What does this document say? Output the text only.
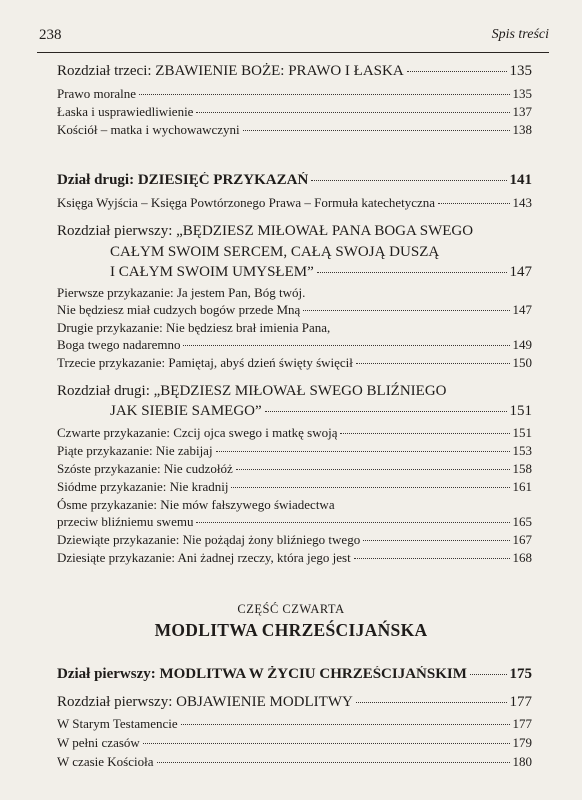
238	Spis treści
Rozdział trzeci: ZBAWIENIE BOŻE: PRAWO I ŁASKA	135
Prawo moralne	135
Łaska i usprawiedliwienie	137
Kościół – matka i wychowawczyni	138
Dział drugi: DZIESIĘĆ PRZYKAZAŃ	141
Księga Wyjścia – Księga Powtórzonego Prawa – Formuła katechetyczna	143
Rozdział pierwszy: „BĘDZIESZ MIŁOWAŁ PANA BOGA SWEGO
CAŁYM SWOIM SERCEM, CAŁĄ SWOJĄ DUSZĄ
I CAŁYM SWOIM UMYSŁEM”	147
Pierwsze przykazanie: Ja jestem Pan, Bóg twój.
Nie będziesz miał cudzych bogów przede Mną	147
Drugie przykazanie: Nie będziesz brał imienia Pana,
Boga twego nadaremno	149
Trzecie przykazanie: Pamiętaj, abyś dzień święty święcił	150
Rozdział drugi: „BĘDZIESZ MIŁOWAŁ SWEGO BLIŹNIEGO
JAK SIEBIE SAMEGO”	151
Czwarte przykazanie: Czcij ojca swego i matkę swoją	151
Piąte przykazanie: Nie zabijaj	153
Szóste przykazanie: Nie cudzołóż	158
Siódme przykazanie: Nie kradnij	161
Ósme przykazanie: Nie mów fałszywego świadectwa
przeciw bliźniemu swemu	165
Dziewiąte przykazanie: Nie pożądaj żony bliźniego twego	167
Dziesiąte przykazanie: Ani żadnej rzeczy, która jego jest	168
CZĘŚĆ CZWARTA
MODLITWA CHRZEŚCIJAŃSKA
Dział pierwszy: MODLITWA W ŻYCIU CHRZEŚCIJAŃSKIM	175
Rozdział pierwszy: OBJAWIENIE MODLITWY	177
W Starym Testamencie	177
W pełni czasów	179
W czasie Kościoła	180
